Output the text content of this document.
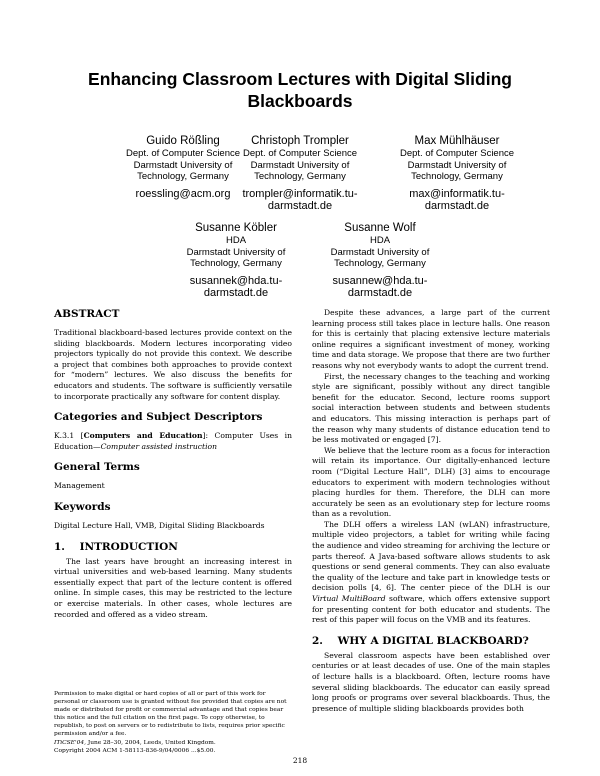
Enhancing Classroom Lectures with Digital Sliding Blackboards
Guido Rößling
Dept. of Computer Science
Darmstadt University of
Technology, Germany
roessling@acm.org
Christoph Trompler
Dept. of Computer Science
Darmstadt University of
Technology, Germany
trompler@informatik.tu-darmstadt.de
Max Mühlhäuser
Dept. of Computer Science
Darmstadt University of
Technology, Germany
max@informatik.tu-darmstadt.de
Susanne Köbler
HDA
Darmstadt University of
Technology, Germany
susannek@hda.tu-darmstadt.de
Susanne Wolf
HDA
Darmstadt University of
Technology, Germany
susannew@hda.tu-darmstadt.de
ABSTRACT

Traditional blackboard-based lectures provide context on the sliding blackboards. Modern lectures incorporating video projectors typically do not provide this context. We describe a project that combines both approaches to provide context for “modern” lectures. We also discuss the benefits for educators and students. The software is sufficiently versatile to incorporate practically any software for content display.

Categories and Subject Descriptors

K.3.1 [Computers and Education]: Computer Uses in Education—Computer assisted instruction

General Terms

Management

Keywords

Digital Lecture Hall, VMB, Digital Sliding Blackboards

1.    INTRODUCTION

The last years have brought an increasing interest in virtual universities and web-based learning. Many students essentially expect that part of the lecture content is offered online. In simple cases, this may be restricted to the lecture or exercise materials. In other cases, whole lectures are recorded and offered as a video stream.

Permission to make digital or hard copies of all or part of this work for personal or classroom use is granted without fee provided that copies are not made or distributed for profit or commercial advantage and that copies bear this notice and the full citation on the first page. To copy otherwise, to republish, to post on servers or to redistribute to lists, requires prior specific permission and/or a fee.
ITiCSE'04, June 28–30, 2004, Leeds, United Kingdom.
Copyright 2004 ACM 1-58113-836-9/04/0006 ...$5.00.

Despite these advances, a large part of the current learning process still takes place in lecture halls. One reason for this is certainly that placing extensive lecture materials online requires a significant investment of money, working time and data storage. We propose that there are two further reasons why not everybody wants to adopt the current trend.

First, the necessary changes to the teaching and working style are significant, possibly without any direct tangible benefit for the educator. Second, lecture rooms support social interaction between students and between students and educators. This missing interaction is perhaps part of the reason why many students of distance education tend to be less motivated or engaged [7].

We believe that the lecture room as a focus for interaction will retain its importance. Our digitally-enhanced lecture room (“Digital Lecture Hall”, DLH) [3] aims to encourage educators to experiment with modern technologies without placing hurdles for them. Therefore, the DLH can more accurately be seen as an evolutionary step for lecture rooms than as a revolution.

The DLH offers a wireless LAN (wLAN) infrastructure, multiple video projectors, a tablet for writing while facing the audience and video streaming for archiving the lecture or parts thereof. A Java-based software allows students to ask questions or send general comments. They can also evaluate the quality of the lecture and take part in knowledge tests or decision polls [4, 6]. The center piece of the DLH is our Virtual MultiBoard software, which offers extensive support for presenting content for both educator and students. The rest of this paper will focus on the VMB and its features.

2.    WHY A DIGITAL BLACKBOARD?

Several classroom aspects have been established over centuries or at least decades of use. One of the main staples of lecture halls is a blackboard. Often, lecture rooms have several sliding blackboards. The educator can easily spread long proofs or programs over several blackboards. Thus, the presence of multiple sliding blackboards provides both

218
